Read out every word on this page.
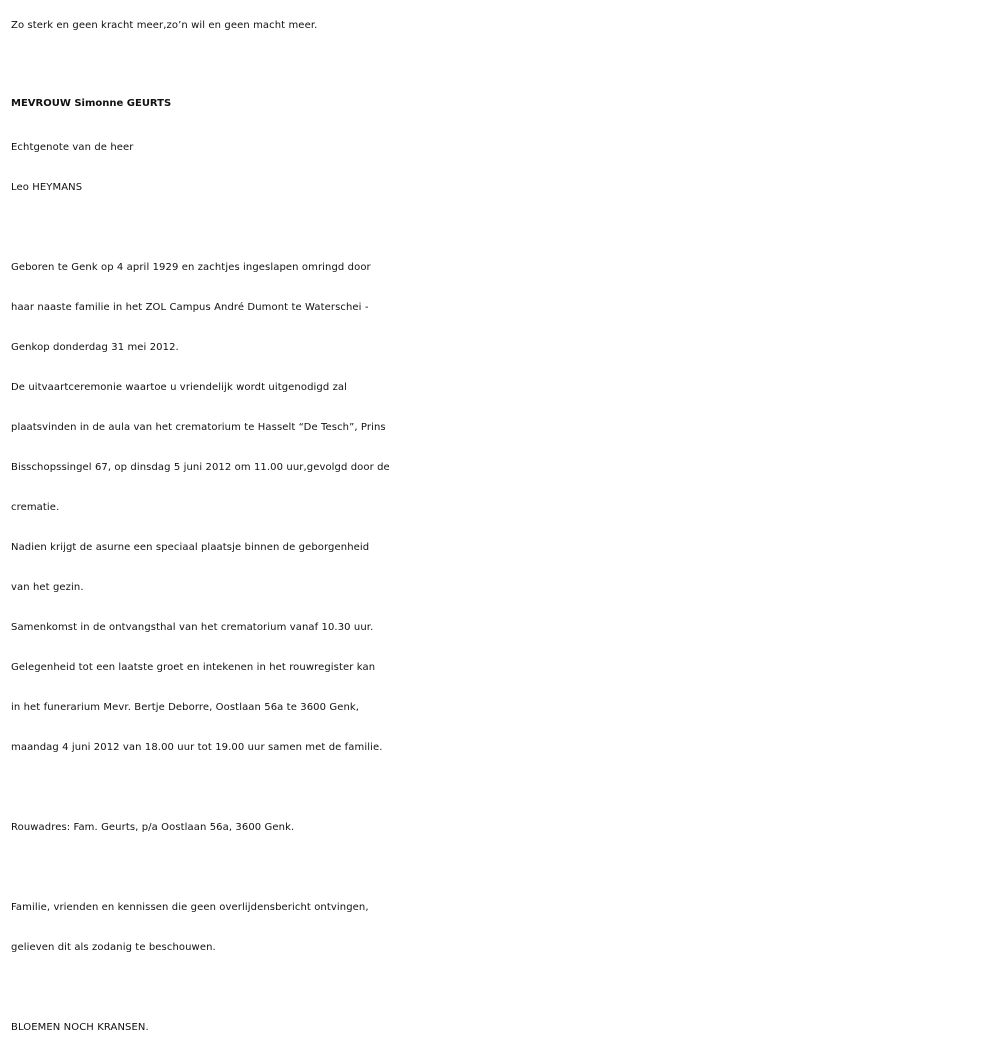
Zo sterk en geen kracht meer,zo’n wil en geen macht meer.
MEVROUW Simonne GEURTS
Echtgenote van de heer
Leo HEYMANS
Geboren te Genk op 4 april 1929 en zachtjes ingeslapen omringd door
haar naaste familie in het ZOL Campus André Dumont te Waterschei -
Genkop donderdag 31 mei 2012.
De uitvaartceremonie waartoe u vriendelijk wordt uitgenodigd zal
plaatsvinden in de aula van het crematorium te Hasselt “De Tesch”, Prins
Bisschopssingel 67, op dinsdag 5 juni 2012 om 11.00 uur,gevolgd door de
crematie.
Nadien krijgt de asurne een speciaal plaatsje binnen de geborgenheid
van het gezin.
Samenkomst in de ontvangsthal van het crematorium vanaf 10.30 uur.
Gelegenheid tot een laatste groet en intekenen in het rouwregister kan
in het funerarium Mevr. Bertje Deborre, Oostlaan 56a te 3600 Genk,
maandag 4 juni 2012 van 18.00 uur tot 19.00 uur samen met de familie.
Rouwadres: Fam. Geurts, p/a Oostlaan 56a, 3600 Genk.
Familie, vrienden en kennissen die geen overlijdensbericht ontvingen,
gelieven dit als zodanig te beschouwen.
BLOEMEN NOCH KRANSEN.
